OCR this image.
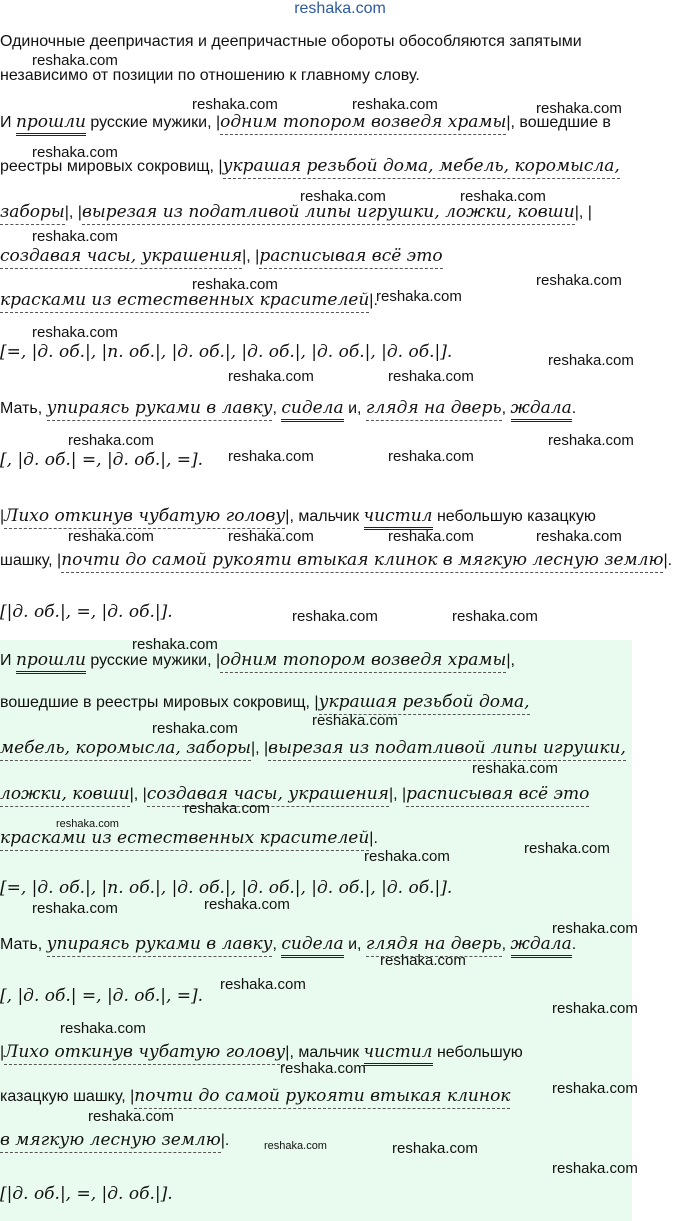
reshaka.com
Одиночные деепричастия и деепричастные обороты обособляются запятыми
независимо от позиции по отношению к главному слову.
И прошли русские мужики, |одним топором возведя храмы|, вошедшие в
реестры мировых сокровищ, |украшая резьбой дома, мебель, коромысла,
заборы|, |вырезая из податливой липы игрушки, ложки, ковши|, |
создавая часы, украшения|, |расписывая всё это
красками из естественных красителей|.
[=, |д. об.|, |п. об.|, |д. об.|, |д. об.|, |д. об.|, |д. об.|].
Мать, упираясь руками в лавку, сидела и, глядя на дверь, ждала.
[, |д. об.| =, |д. об.|, =].
|Лихо откинув чубатую голову|, мальчик чистил небольшую казацкую
шашку, |почти до самой рукояти втыкая клинок в мягкую лесную землю|.
[|д. об.|, =, |д. об.|].
И прошли русские мужики, |одним топором возведя храмы|,
вошедшие в реестры мировых сокровищ, |украшая резьбой дома,
мебель, коромысла, заборы|, |вырезая из податливой липы игрушки,
ложки, ковши|, |создавая часы, украшения|, |расписывая всё это
красками из естественных красителей|.
[=, |д. об.|, |п. об.|, |д. об.|, |д. об.|, |д. об.|, |д. об.|].
Мать, упираясь руками в лавку, сидела и, глядя на дверь, ждала.
[, |д. об.| =, |д. об.|, =].
|Лихо откинув чубатую голову|, мальчик чистил небольшую
казацкую шашку, |почти до самой рукояти втыкая клинок
в мягкую лесную землю|.
[|д. об.|, =, |д. об.|].
reshaka.com
reshaka.com	reshaka.com	reshaka.com
reshaka.com
reshaka.com	reshaka.com
reshaka.com
reshaka.com	reshaka.com
reshaka.com
reshaka.com
reshaka.com
reshaka.com	reshaka.com
reshaka.com	reshaka.com
reshaka.com	reshaka.com
reshaka.com	reshaka.com	reshaka.com	reshaka.com
reshaka.com	reshaka.com
reshaka.com
reshaka.com	reshaka.com
reshaka.com
reshaka.com
reshaka.com
reshaka.com
reshaka.com
reshaka.com
reshaka.com
reshaka.com
reshaka.com
reshaka.com
reshaka.com
reshaka.com
reshaka.com
reshaka.com
reshaka.com
reshaka.com
reshaka.com
reshaka.com
